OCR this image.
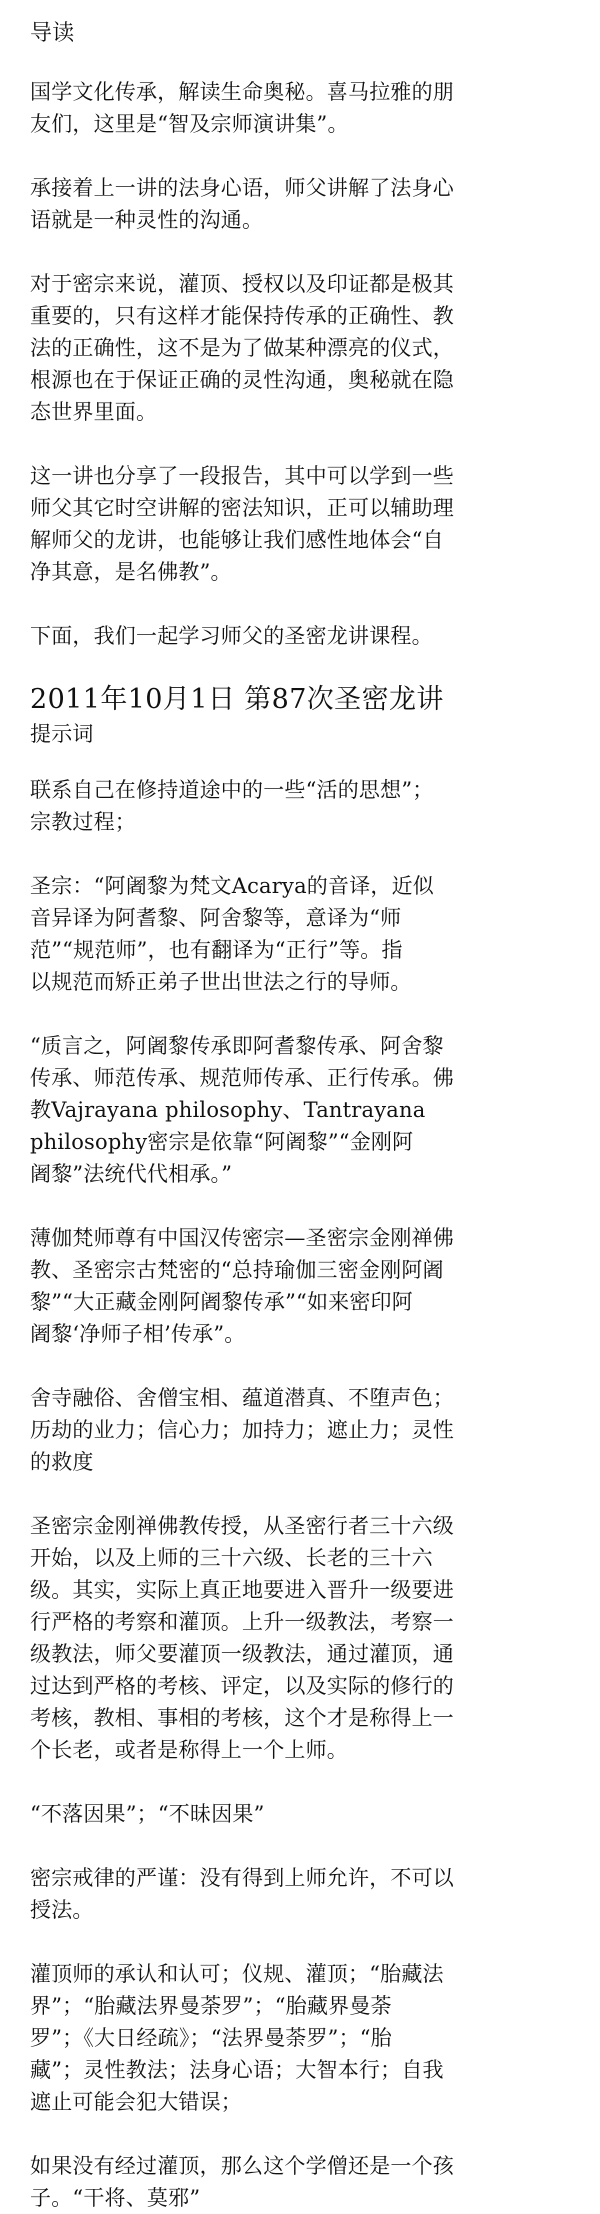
导读

国学文化传承，解读生命奥秘。喜马拉雅的朋
友们，这里是“智及宗师演讲集”。

承接着上一讲的法身心语，师父讲解了法身心
语就是一种灵性的沟通。

对于密宗来说，灌顶、授权以及印证都是极其
重要的，只有这样才能保持传承的正确性、教
法的正确性，这不是为了做某种漂亮的仪式，
根源也在于保证正确的灵性沟通，奥秘就在隐
态世界里面。

这一讲也分享了一段报告，其中可以学到一些
师父其它时空讲解的密法知识，正可以辅助理
解师父的龙讲，也能够让我们感性地体会“自
净其意，是名佛教”。

下面，我们一起学习师父的圣密龙讲课程。

2011年10月1日 第87次圣密龙讲

提示词

联系自己在修持道途中的一些“活的思想”；
宗教过程；

圣宗：“阿阇黎为梵文Acarya的音译，近似
音异译为阿耆黎、阿舍黎等，意译为“师
范”“规范师”，也有翻译为“正行”等。指
以规范而矫正弟子世出世法之行的导师。

“质言之，阿阇黎传承即阿耆黎传承、阿舍黎
传承、师范传承、规范师传承、正行传承。佛
教Vajrayana philosophy、Tantrayana
philosophy密宗是依靠“阿阇黎”“金刚阿
阇黎”法统代代相承。”

薄伽梵师尊有中国汉传密宗—圣密宗金刚禅佛
教、圣密宗古梵密的“总持瑜伽三密金刚阿阇
黎”“大正藏金刚阿阇黎传承”“如来密印阿
阇黎‘净师子相’传承”。

舍寺融俗、舍僧宝相、蕴道潜真、不堕声色；
历劫的业力；信心力；加持力；遮止力；灵性
的救度

圣密宗金刚禅佛教传授，从圣密行者三十六级
开始，以及上师的三十六级、长老的三十六
级。其实，实际上真正地要进入晋升一级要进
行严格的考察和灌顶。上升一级教法，考察一
级教法，师父要灌顶一级教法，通过灌顶，通
过达到严格的考核、评定，以及实际的修行的
考核，教相、事相的考核，这个才是称得上一
个长老，或者是称得上一个上师。

“不落因果”；“不昧因果”

密宗戒律的严谨：没有得到上师允许，不可以
授法。

灌顶师的承认和认可；仪规、灌顶；“胎藏法
界”；“胎藏法界曼荼罗”；“胎藏界曼荼
罗”；《大日经疏》；“法界曼荼罗”；“胎
藏”；灵性教法；法身心语；大智本行；自我
遮止可能会犯大错误；

如果没有经过灌顶，那么这个学僧还是一个孩
子。“干将、莫邪”
